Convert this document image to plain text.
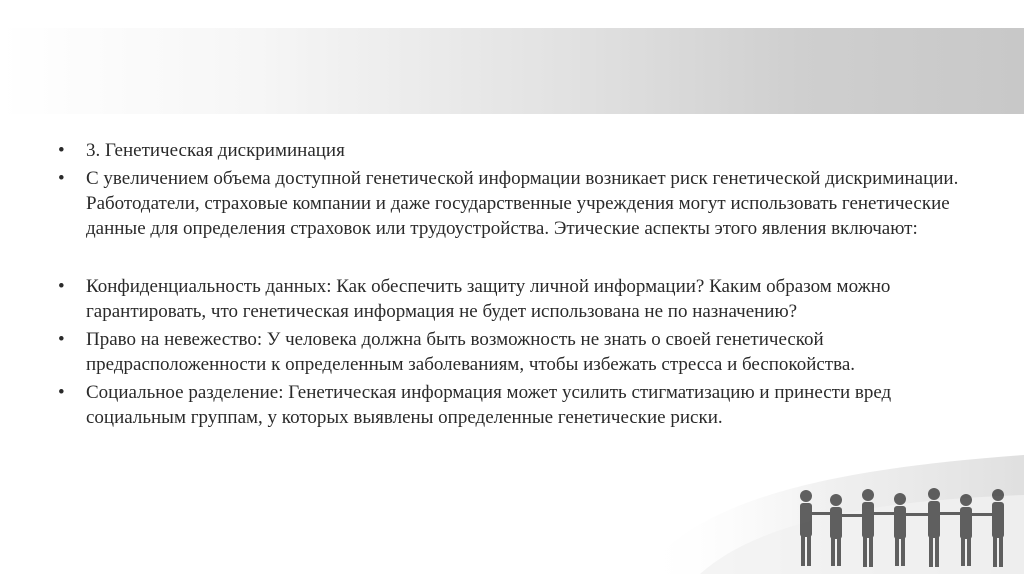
• 3. Генетическая дискриминация
• С увеличением объема доступной генетической информации возникает риск генетической дискриминации. Работодатели, страховые компании и даже государственные учреждения могут использовать генетические данные для определения страховок или трудоустройства. Этические аспекты этого явления включают:
• Конфиденциальность данных: Как обеспечить защиту личной информации? Каким образом можно гарантировать, что генетическая информация не будет использована не по назначению?
• Право на невежество: У человека должна быть возможность не знать о своей генетической предрасположенности к определенным заболеваниям, чтобы избежать стресса и беспокойства.
• Социальное разделение: Генетическая информация может усилить стигматизацию и принести вред социальным группам, у которых выявлены определенные генетические риски.
